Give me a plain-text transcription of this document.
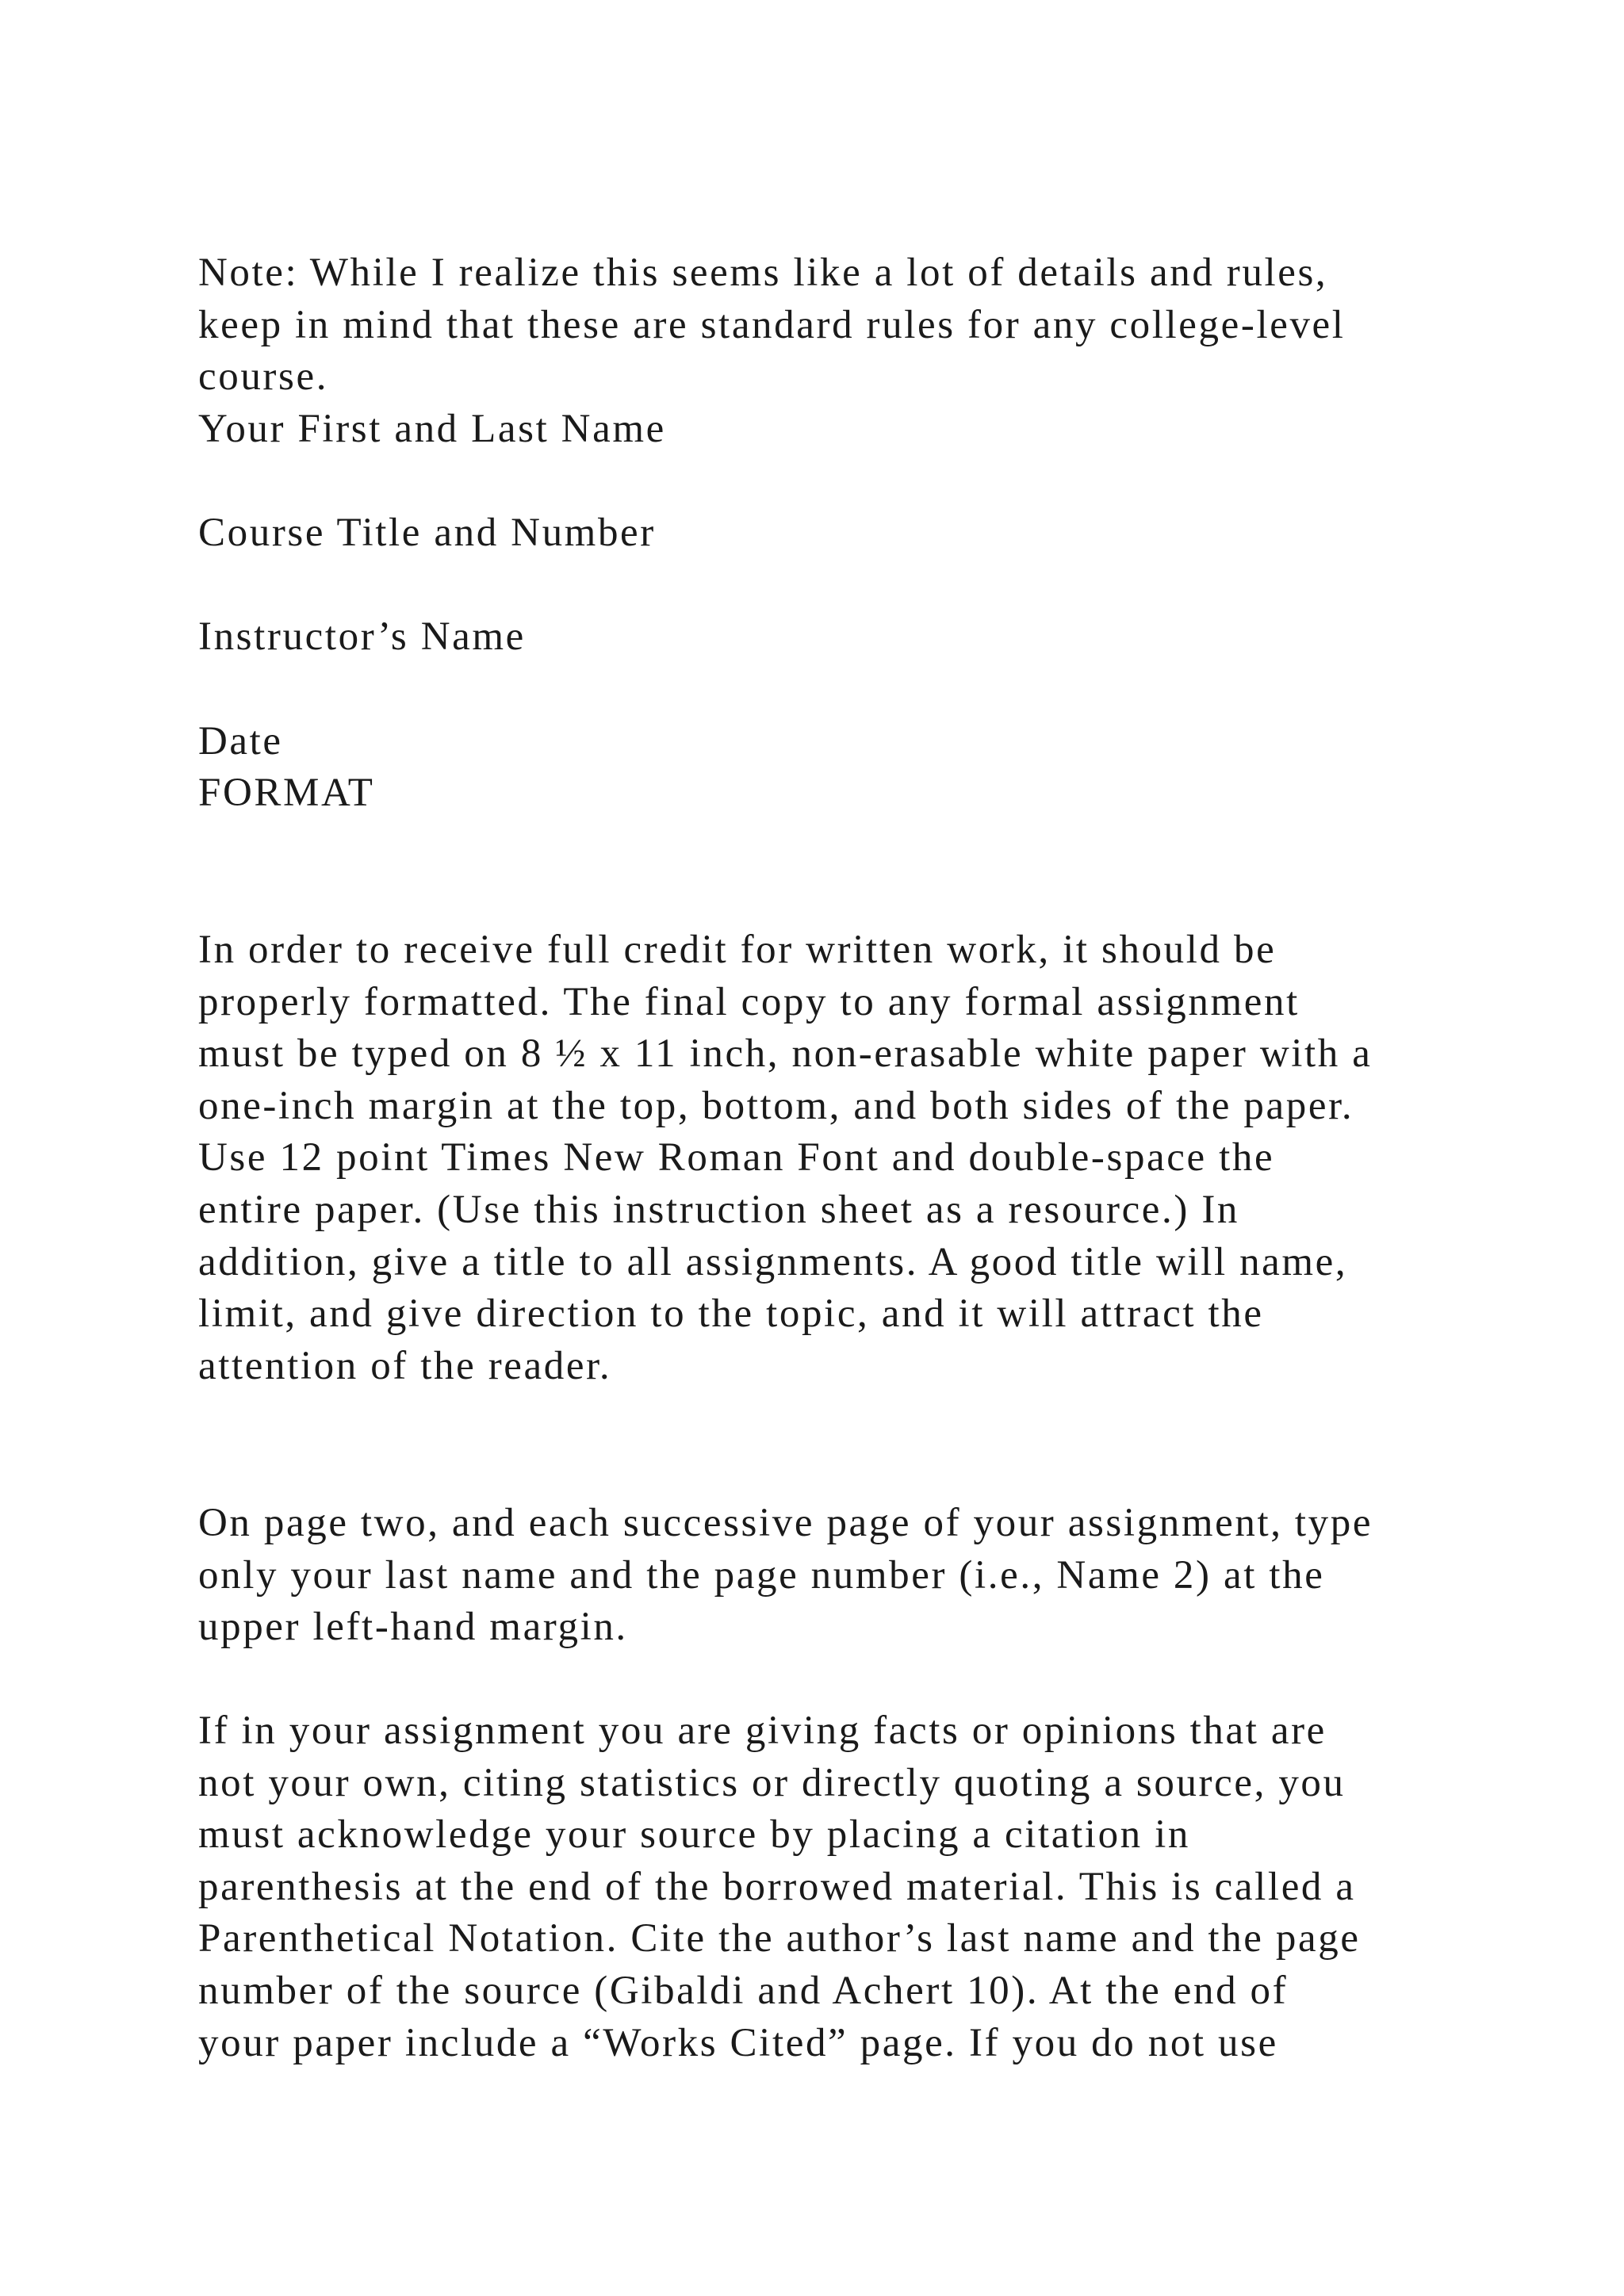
Note: While I realize this seems like a lot of details and rules,
keep in mind that these are standard rules for any college-level
course.
Your First and Last Name
Course Title and Number
Instructor’s Name
Date
FORMAT
In order to receive full credit for written work, it should be
properly formatted. The final copy to any formal assignment
must be typed on 8 ½ x 11 inch, non-erasable white paper with a
one-inch margin at the top, bottom, and both sides of the paper.
Use 12 point Times New Roman Font and double-space the
entire paper. (Use this instruction sheet as a resource.) In
addition, give a title to all assignments. A good title will name,
limit, and give direction to the topic, and it will attract the
attention of the reader.
On page two, and each successive page of your assignment, type
only your last name and the page number (i.e., Name 2) at the
upper left-hand margin.
If in your assignment you are giving facts or opinions that are
not your own, citing statistics or directly quoting a source, you
must acknowledge your source by placing a citation in
parenthesis at the end of the borrowed material. This is called a
Parenthetical Notation. Cite the author’s last name and the page
number of the source (Gibaldi and Achert 10). At the end of
your paper include a “Works Cited” page. If you do not use
